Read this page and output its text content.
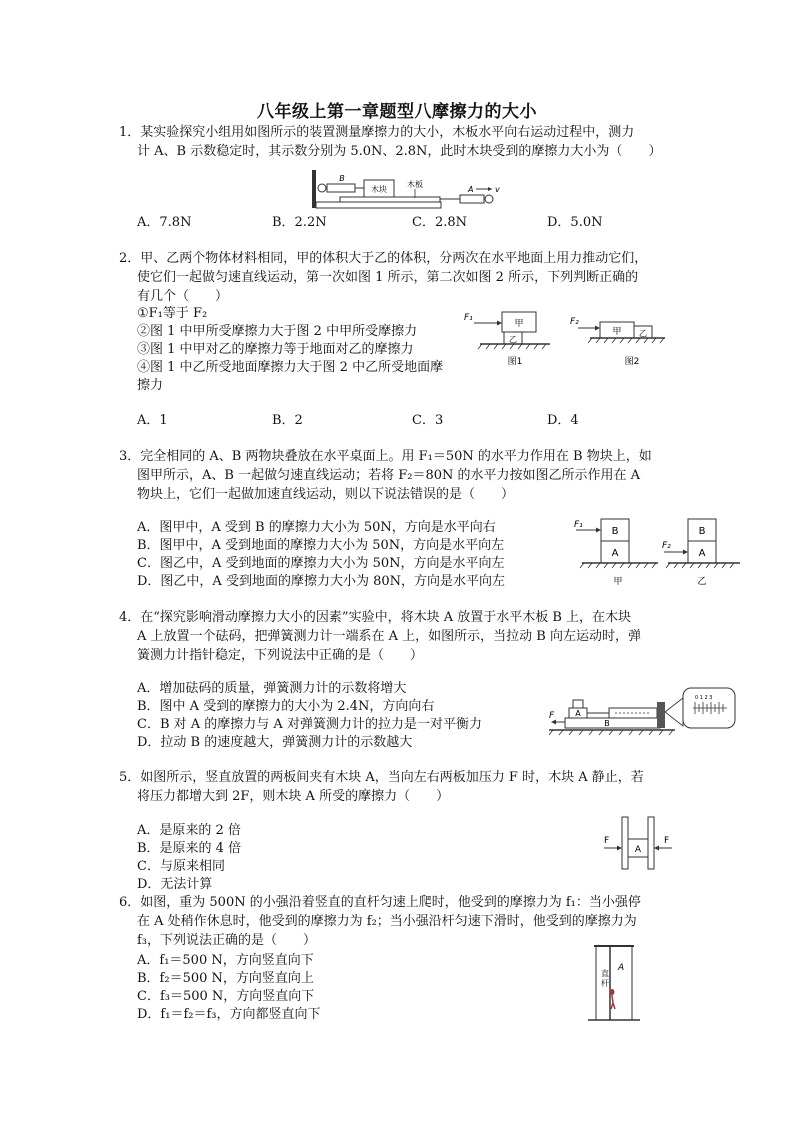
八年级上第一章题型八摩擦力的大小
1．某实验探究小组用如图所示的装置测量摩擦力的大小，木板水平向右运动过程中，测力
计 A、B 示数稳定时，其示数分别为 5.0N、2.8N，此时木块受到的摩擦力大小为（　　）
B
木块
木板
A	v
A．7.8N	B．2.2N	C．2.8N	D．5.0N
2．甲、乙两个物体材料相同，甲的体积大于乙的体积，分两次在水平地面上用力推动它们，
使它们一起做匀速直线运动，第一次如图 1 所示，第二次如图 2 所示，下列判断正确的
有几个（　　）
①F₁等于 F₂
②图 1 中甲所受摩擦力大于图 2 中甲所受摩擦力
③图 1 中甲对乙的摩擦力等于地面对乙的摩擦力
④图 1 中乙所受地面摩擦力大于图 2 中乙所受地面摩
擦力
F₁
甲
乙
图1
F₂
甲 乙
图2
A．1	B．2	C．3	D．4
3．完全相同的 A、B 两物块叠放在水平桌面上。用 F₁＝50N 的水平力作用在 B 物块上，如
图甲所示，A、B 一起做匀速直线运动；若将 F₂＝80N 的水平力按如图乙所示作用在 A
物块上，它们一起做加速直线运动，则以下说法错误的是（　　）
A．图甲中，A 受到 B 的摩擦力大小为 50N，方向是水平向右
B．图甲中，A 受到地面的摩擦力大小为 50N，方向是水平向左
C．图乙中，A 受到地面的摩擦力大小为 50N，方向是水平向左
D．图乙中，A 受到地面的摩擦力大小为 80N，方向是水平向左
F₁
B
A
甲
F₂
B
A
乙
4．在“探究影响滑动摩擦力大小的因素”实验中，将木块 A 放置于水平木板 B 上，在木块
A 上放置一个砝码，把弹簧测力计一端系在 A 上，如图所示，当拉动 B 向左运动时，弹
簧测力计指针稳定，下列说法中正确的是（　　）
A．增加砝码的质量，弹簧测力计的示数将增大
B．图中 A 受到的摩擦力的大小为 2.4N，方向向右
C．B 对 A 的摩擦力与 A 对弹簧测力计的拉力是一对平衡力
D．拉动 B 的速度越大，弹簧测力计的示数越大
F
B
A
0 1 2 3
5．如图所示，竖直放置的两板间夹有木块 A，当向左右两板加压力 F 时，木块 A 静止，若
将压力都增大到 2F，则木块 A 所受的摩擦力（　　）
A．是原来的 2 倍
B．是原来的 4 倍
C．与原来相同
D．无法计算
F
A
F
6．如图，重为 500N 的小强沿着竖直的直杆匀速上爬时，他受到的摩擦力为 f₁：当小强停
在 A 处稍作休息时，他受到的摩擦力为 f₂；当小强沿杆匀速下滑时，他受到的摩擦力为
f₃，下列说法正确的是（　　）
A．f₁＝500 N，方向竖直向下
B．f₂＝500 N，方向竖直向上
C．f₃＝500 N，方向竖直向下
D．f₁＝f₂＝f₃，方向都竖直向下
直
杆
A
